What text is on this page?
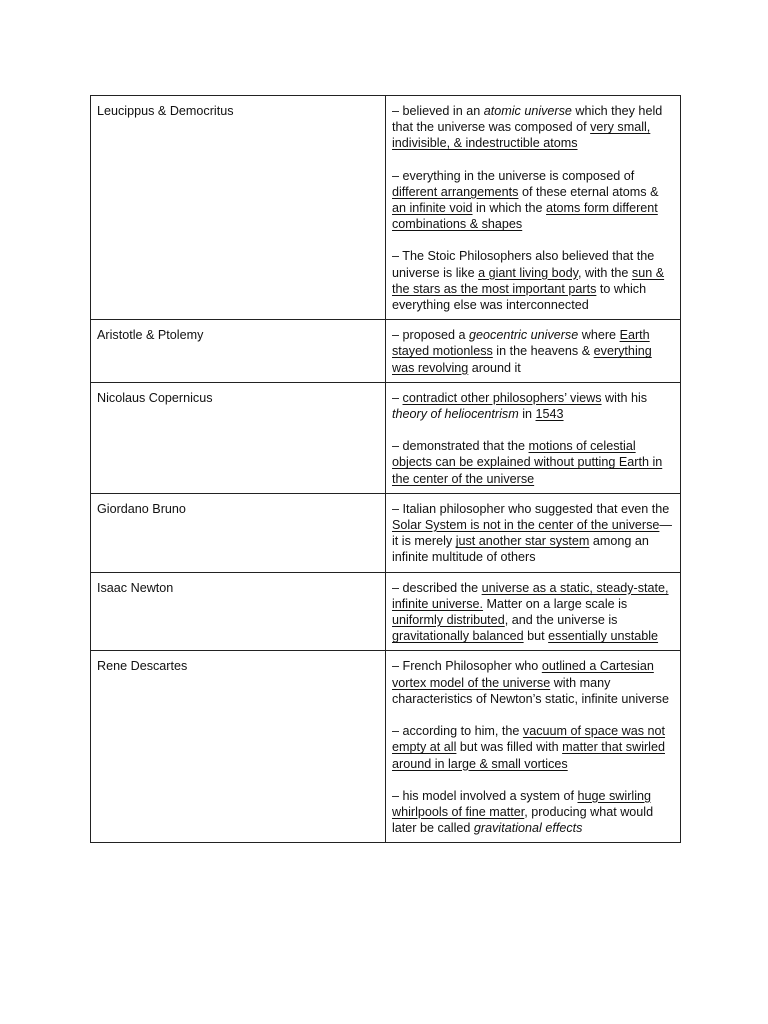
Leucippus & Democritus	– believed in an atomic universe which they held that the universe was composed of very small, indivisible, & indestructible atoms
– everything in the universe is composed of different arrangements of these eternal atoms & an infinite void in which the atoms form different combinations & shapes
– The Stoic Philosophers also believed that the universe is like a giant living body, with the sun & the stars as the most important parts to which everything else was interconnected

Aristotle & Ptolemy	– proposed a geocentric universe where Earth stayed motionless in the heavens & everything was revolving around it

Nicolaus Copernicus	– contradict other philosophers’ views with his theory of heliocentrism in 1543
– demonstrated that the motions of celestial objects can be explained without putting Earth in the center of the universe

Giordano Bruno	– Italian philosopher who suggested that even the Solar System is not in the center of the universe—it is merely just another star system among an infinite multitude of others

Isaac Newton	– described the universe as a static, steady-state, infinite universe. Matter on a large scale is uniformly distributed, and the universe is gravitationally balanced but essentially unstable

Rene Descartes	– French Philosopher who outlined a Cartesian vortex model of the universe with many characteristics of Newton’s static, infinite universe
– according to him, the vacuum of space was not empty at all but was filled with matter that swirled around in large & small vortices
– his model involved a system of huge swirling whirlpools of fine matter, producing what would later be called gravitational effects
